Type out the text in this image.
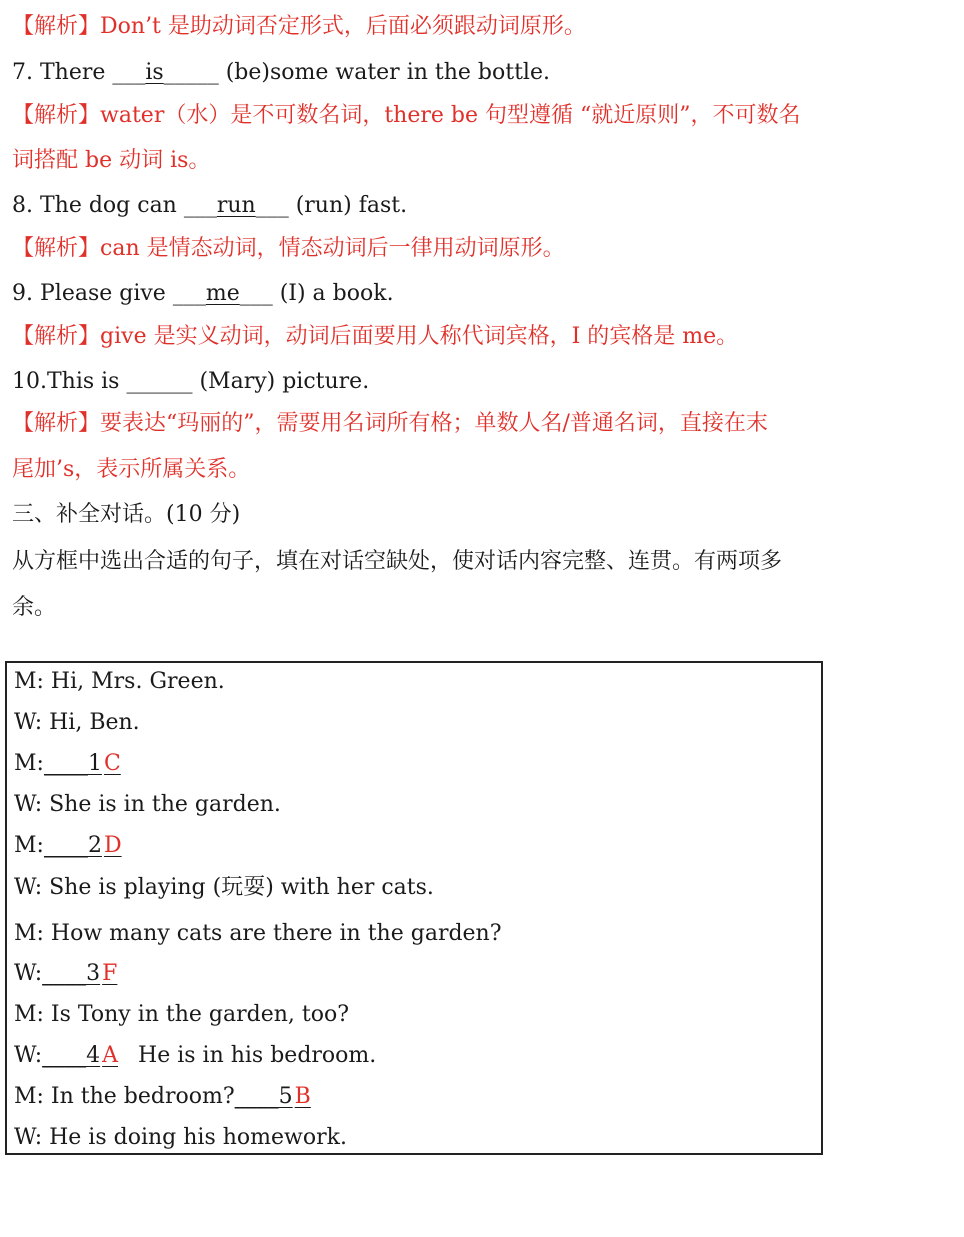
【解析】Don’t 是助动词否定形式，后面必须跟动词原形。
7. There ___is_____ (be)some water in the bottle.
【解析】water（水）是不可数名词，there be 句型遵循 “就近原则”，不可数名
词搭配 be 动词 is。
8. The dog can ___run___ (run) fast.
【解析】can 是情态动词，情态动词后一律用动词原形。
9. Please give ___me___ (I) a book.
【解析】give 是实义动词，动词后面要用人称代词宾格，I 的宾格是 me。
10.This is ______ (Mary) picture.
【解析】要表达“玛丽的”，需要用名词所有格；单数人名/普通名词，直接在末
尾加’s，表示所属关系。
三、补全对话。(10 分)
从方框中选出合适的句子，填在对话空缺处，使对话内容完整、连贯。有两项多
余。
M: Hi, Mrs. Green.
W: Hi, Ben.
M:____1C
W: She is in the garden.
M:____2D
W: She is playing (玩耍) with her cats.
M: How many cats are there in the garden?
W:____3F
M: Is Tony in the garden, too?
W:____4A He is in his bedroom.
M: In the bedroom?____5B
W: He is doing his homework.
